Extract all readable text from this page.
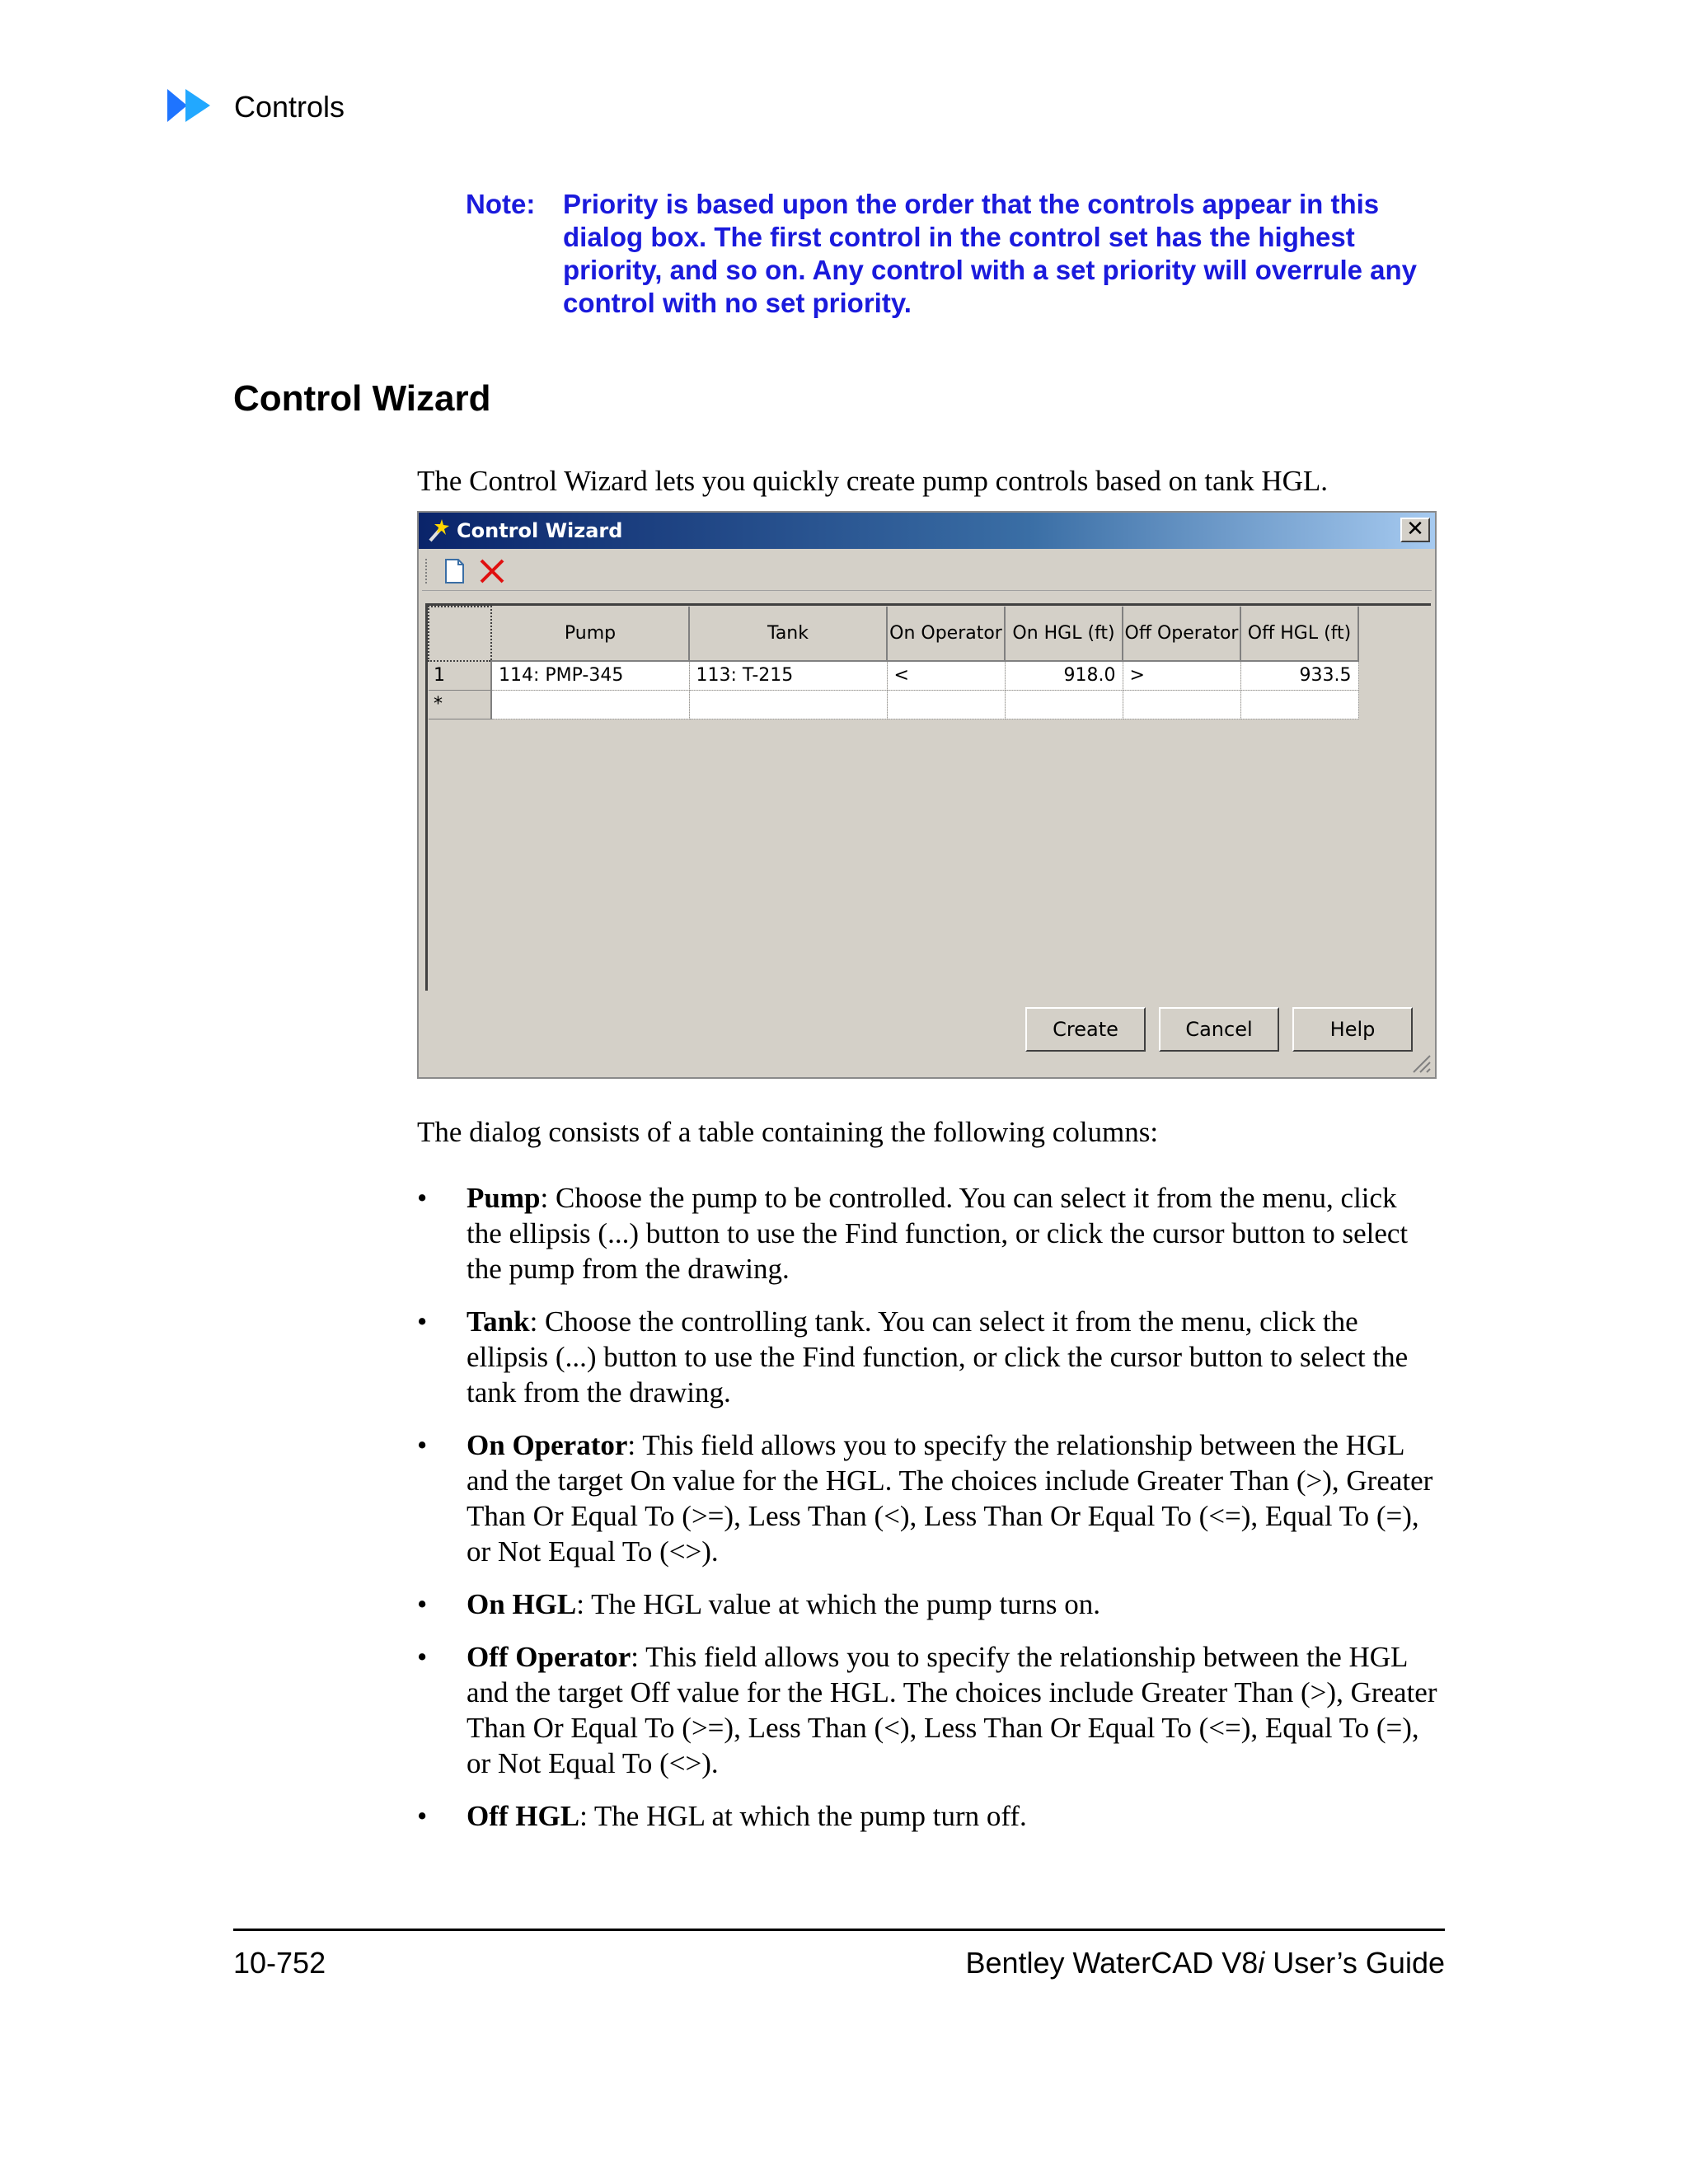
Controls
Note: Priority is based upon the order that the controls appear in this dialog box. The first control in the control set has the highest priority, and so on. Any control with a set priority will overrule any control with no set priority.
Control Wizard
The Control Wizard lets you quickly create pump controls based on tank HGL.
Control Wizard	✕
	Pump	Tank	On Operator	On HGL (ft)	Off Operator	Off HGL (ft)
1	114: PMP-345	113: T-215	<	918.0	>	933.5
*						
Create	Cancel	Help
The dialog consists of a table containing the following columns:
• Pump: Choose the pump to be controlled. You can select it from the menu, click the ellipsis (...) button to use the Find function, or click the cursor button to select the pump from the drawing.
• Tank: Choose the controlling tank. You can select it from the menu, click the ellipsis (...) button to use the Find function, or click the cursor button to select the tank from the drawing.
• On Operator: This field allows you to specify the relationship between the HGL and the target On value for the HGL. The choices include Greater Than (>), Greater Than Or Equal To (>=), Less Than (<), Less Than Or Equal To (<=), Equal To (=), or Not Equal To (<>).
• On HGL: The HGL value at which the pump turns on.
• Off Operator: This field allows you to specify the relationship between the HGL and the target Off value for the HGL. The choices include Greater Than (>), Greater Than Or Equal To (>=), Less Than (<), Less Than Or Equal To (<=), Equal To (=), or Not Equal To (<>).
• Off HGL: The HGL at which the pump turn off.
10-752	Bentley WaterCAD V8i User’s Guide
